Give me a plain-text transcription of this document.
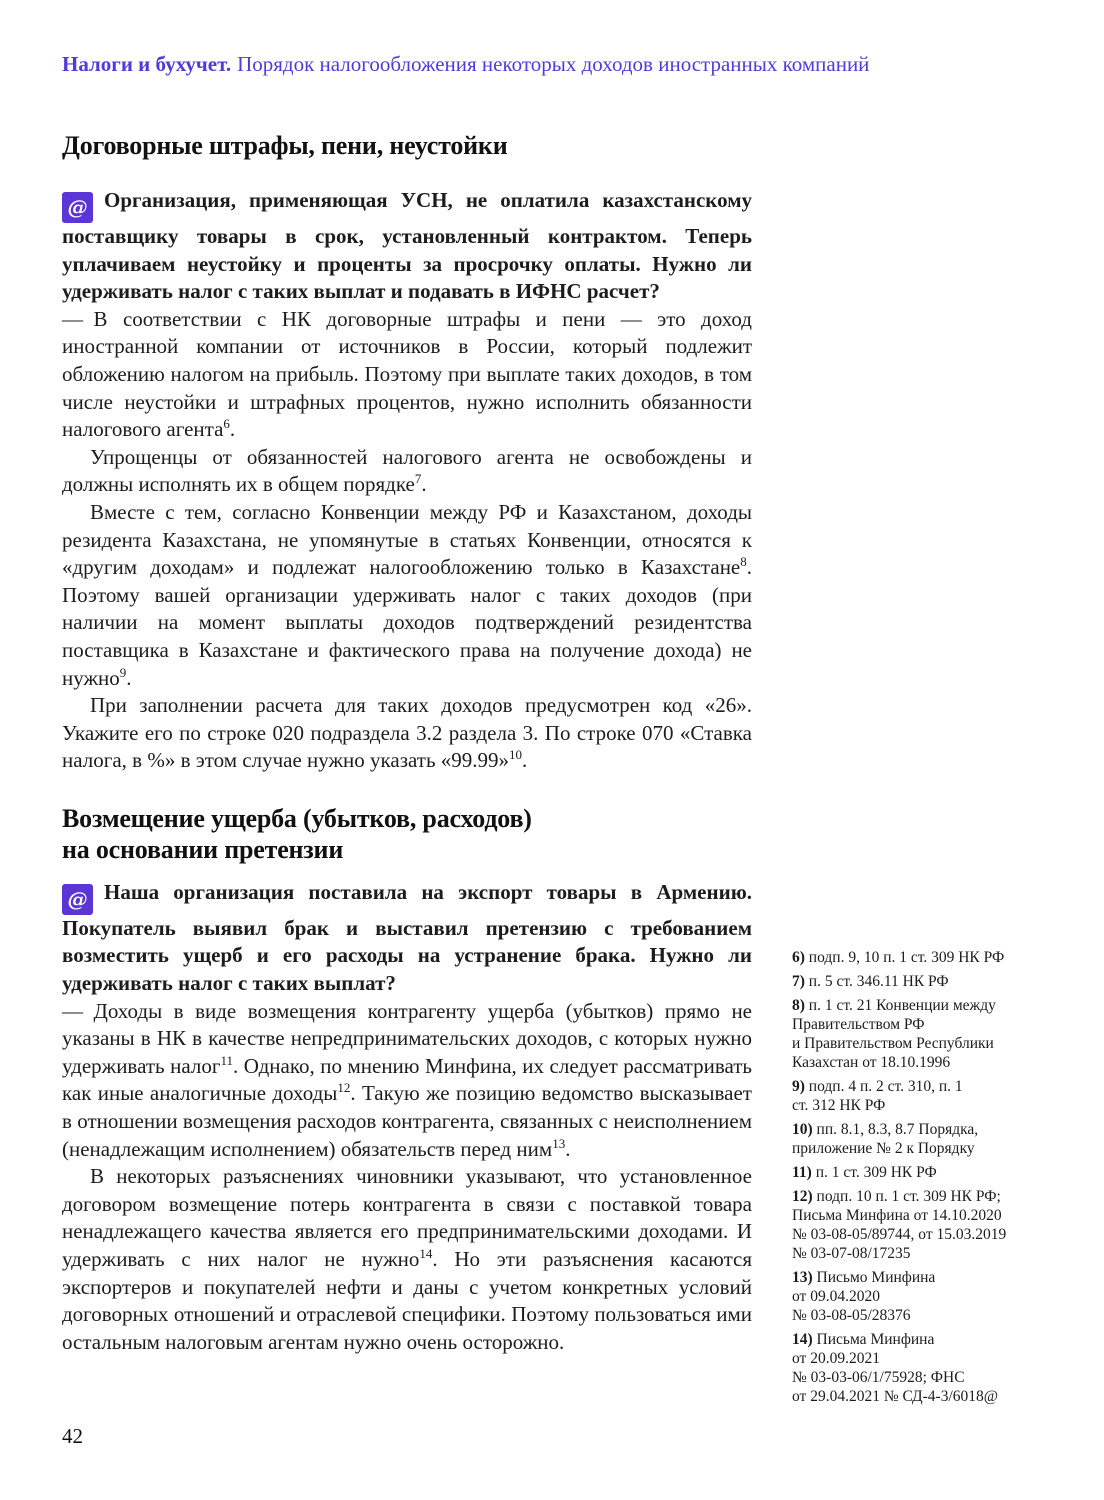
Налоги и бухучет. Порядок налогообложения некоторых доходов иностранных компаний
Договорные штрафы, пени, неустойки

@ Организация, применяющая УСН, не оплатила казахстанскому поставщику товары в срок, установленный контрактом. Теперь уплачиваем неустойку и проценты за просрочку оплаты. Нужно ли удерживать налог с таких выплат и подавать в ИФНС расчет?

— В соответствии с НК договорные штрафы и пени — это доход иностранной компании от источников в России, который подлежит обложению налогом на прибыль. Поэтому при выплате таких доходов, в том числе неустойки и штрафных процентов, нужно исполнить обязанности налогового агента$^6$.

Упрощенцы от обязанностей налогового агента не освобождены и должны исполнять их в общем порядке$^7$.

Вместе с тем, согласно Конвенции между РФ и Казахстаном, доходы резидента Казахстана, не упомянутые в статьях Конвенции, относятся к «другим доходам» и подлежат налогообложению только в Казахстане$^8$. Поэтому вашей организации удерживать налог с таких доходов (при наличии на момент выплаты доходов подтверждений резидентства поставщика в Казахстане и фактического права на получение дохода) не нужно$^9$.

При заполнении расчета для таких доходов предусмотрен код «26». Укажите его по строке 020 подраздела 3.2 раздела 3. По строке 070 «Ставка налога, в %» в этом случае нужно указать «99.99»$^{10}$.

Возмещение ущерба (убытков, расходов)
на основании претензии

@ Наша организация поставила на экспорт товары в Армению. Покупатель выявил брак и выставил претензию с требованием возместить ущерб и его расходы на устранение брака. Нужно ли удерживать налог с таких выплат?

— Доходы в виде возмещения контрагенту ущерба (убытков) прямо не указаны в НК в качестве непредпринимательских доходов, с которых нужно удерживать налог$^{11}$. Однако, по мнению Минфина, их следует рассматривать как иные аналогичные доходы$^{12}$. Такую же позицию ведомство высказывает в отношении возмещения расходов контрагента, связанных с неисполнением (ненадлежащим исполнением) обязательств перед ним$^{13}$.

В некоторых разъяснениях чиновники указывают, что установленное договором возмещение потерь контрагента в связи с поставкой товара ненадлежащего качества является его предпринимательскими доходами. И удерживать с них налог не нужно$^{14}$. Но эти разъяснения касаются экспортеров и покупателей нефти и даны с учетом конкретных условий договорных отношений и отраслевой специфики. Поэтому пользоваться ими остальным налоговым агентам нужно очень осторожно.

6) подп. 9, 10 п. 1 ст. 309 НК РФ

7) п. 5 ст. 346.11 НК РФ

8) п. 1 ст. 21 Конвенции между
Правительством РФ
и Правительством Республики
Казахстан от 18.10.1996

9) подп. 4 п. 2 ст. 310, п. 1
ст. 312 НК РФ

10) пп. 8.1, 8.3, 8.7 Порядка,
приложение № 2 к Порядку

11) п. 1 ст. 309 НК РФ

12) подп. 10 п. 1 ст. 309 НК РФ;
Письма Минфина от 14.10.2020
№ 03-08-05/89744, от 15.03.2019
№ 03-07-08/17235

13) Письмо Минфина
от 09.04.2020
№ 03-08-05/28376

14) Письма Минфина
от 20.09.2021
№ 03-03-06/1/75928; ФНС
от 29.04.2021 № СД-4-3/6018@

42
